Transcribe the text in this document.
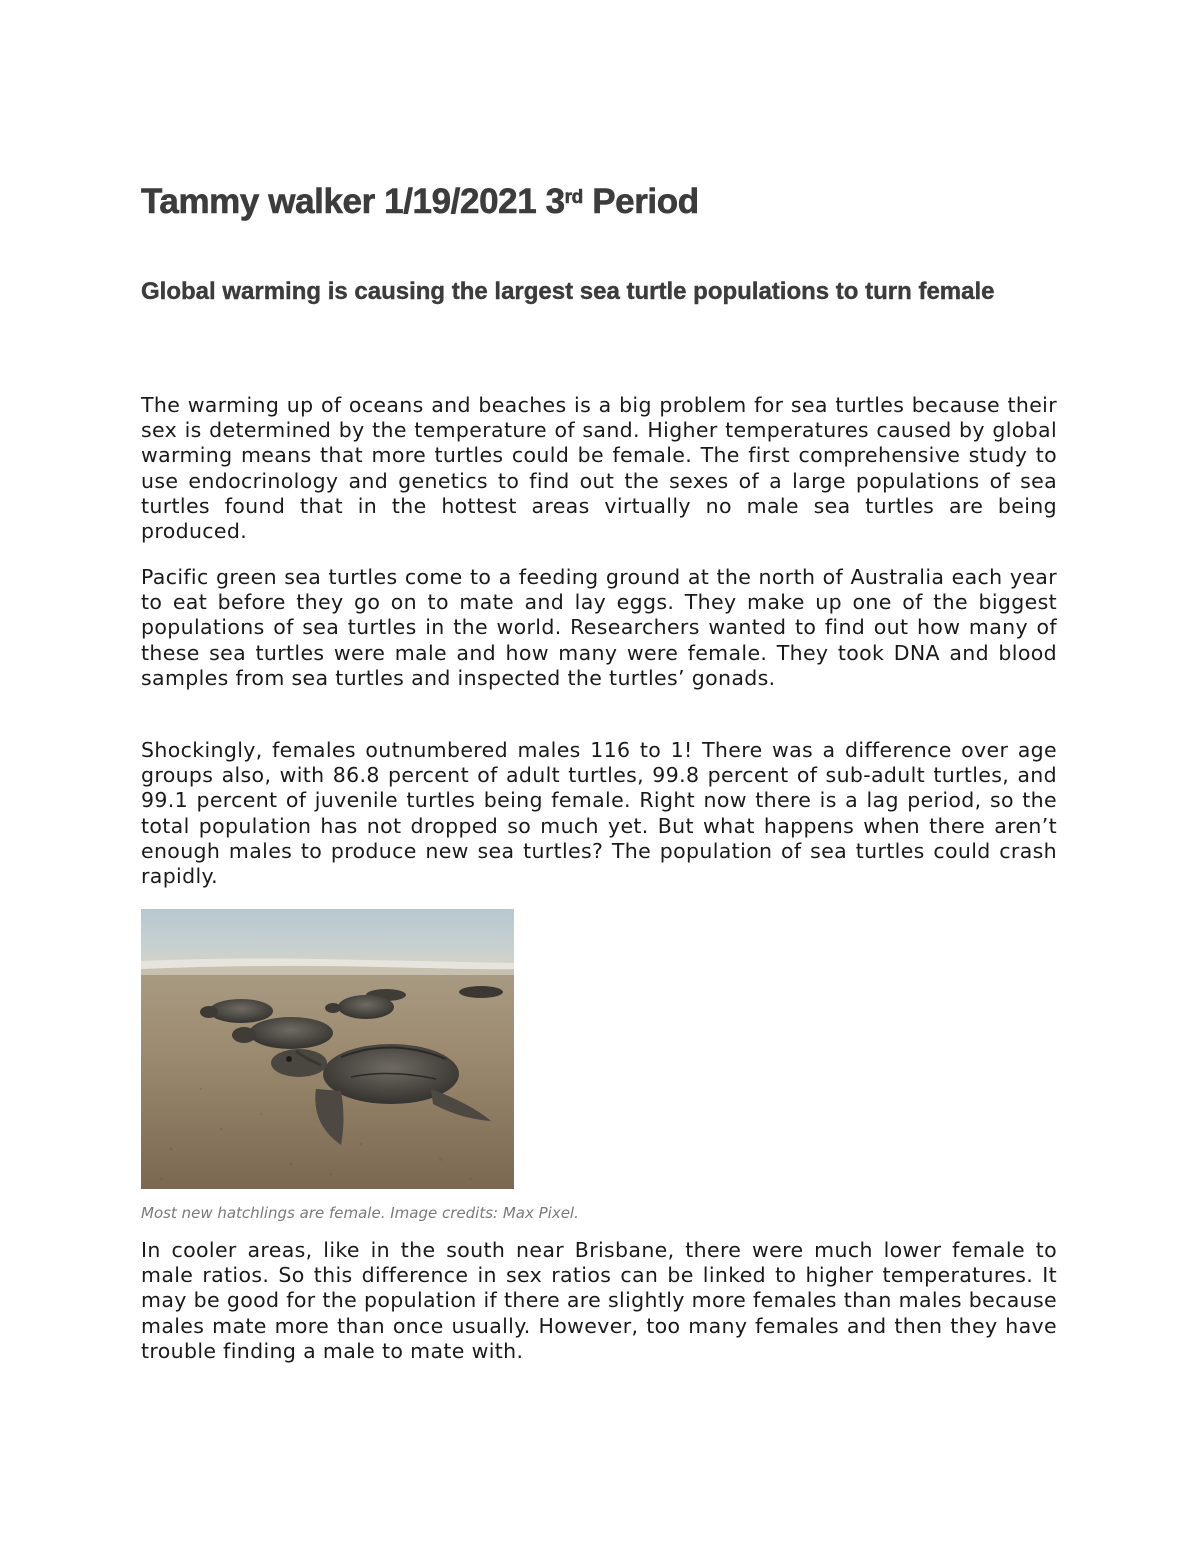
Tammy walker 1/19/2021 3rd Period
Global warming is causing the largest sea turtle populations to turn female

The warming up of oceans and beaches is a big problem for sea turtles because their sex is determined by the temperature of sand. Higher temperatures caused by global warming means that more turtles could be female. The first comprehensive study to use endocrinology and genetics to find out the sexes of a large populations of sea turtles found that in the hottest areas virtually no male sea turtles are being produced.

Pacific green sea turtles come to a feeding ground at the north of Australia each year to eat before they go on to mate and lay eggs. They make up one of the biggest populations of sea turtles in the world. Researchers wanted to find out how many of these sea turtles were male and how many were female. They took DNA and blood samples from sea turtles and inspected the turtles’ gonads.

Shockingly, females outnumbered males 116 to 1! There was a difference over age groups also, with 86.8 percent of adult turtles, 99.8 percent of sub-adult turtles, and 99.1 percent of juvenile turtles being female. Right now there is a lag period, so the total population has not dropped so much yet. But what happens when there aren’t enough males to produce new sea turtles? The population of sea turtles could crash rapidly.

Most new hatchlings are female. Image credits: Max Pixel.

In cooler areas, like in the south near Brisbane, there were much lower female to male ratios. So this difference in sex ratios can be linked to higher temperatures. It may be good for the population if there are slightly more females than males because males mate more than once usually. However, too many females and then they have trouble finding a male to mate with.
